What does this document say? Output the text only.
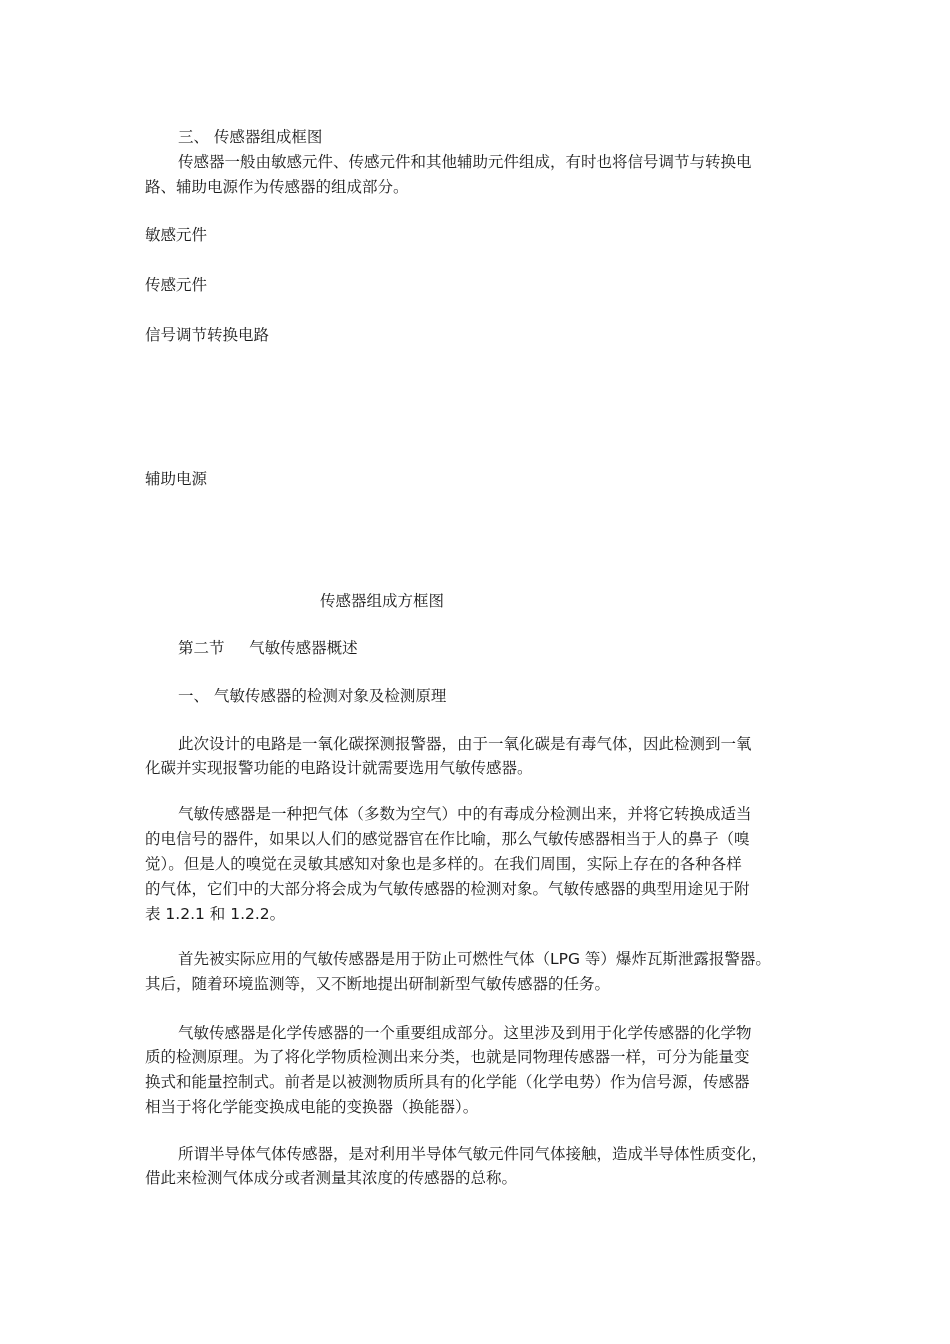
三、 传感器组成框图
传感器一般由敏感元件、传感元件和其他辅助元件组成，有时也将信号调节与转换电
路、辅助电源作为传感器的组成部分。
敏感元件
传感元件
信号调节转换电路
辅助电源
传感器组成方框图
第二节     气敏传感器概述
一、 气敏传感器的检测对象及检测原理
此次设计的电路是一氧化碳探测报警器，由于一氧化碳是有毒气体，因此检测到一氧
化碳并实现报警功能的电路设计就需要选用气敏传感器。
气敏传感器是一种把气体（多数为空气）中的有毒成分检测出来，并将它转换成适当
的电信号的器件，如果以人们的感觉器官在作比喻，那么气敏传感器相当于人的鼻子（嗅
觉）。但是人的嗅觉在灵敏其感知对象也是多样的。在我们周围，实际上存在的各种各样
的气体，它们中的大部分将会成为气敏传感器的检测对象。气敏传感器的典型用途见于附
表 1.2.1 和 1.2.2。
首先被实际应用的气敏传感器是用于防止可燃性气体（LPG 等）爆炸瓦斯泄露报警器。
其后，随着环境监测等，又不断地提出研制新型气敏传感器的任务。
气敏传感器是化学传感器的一个重要组成部分。这里涉及到用于化学传感器的化学物
质的检测原理。为了将化学物质检测出来分类，也就是同物理传感器一样，可分为能量变
换式和能量控制式。前者是以被测物质所具有的化学能（化学电势）作为信号源，传感器
相当于将化学能变换成电能的变换器（换能器）。
所谓半导体气体传感器，是对利用半导体气敏元件同气体接触，造成半导体性质变化，
借此来检测气体成分或者测量其浓度的传感器的总称。
